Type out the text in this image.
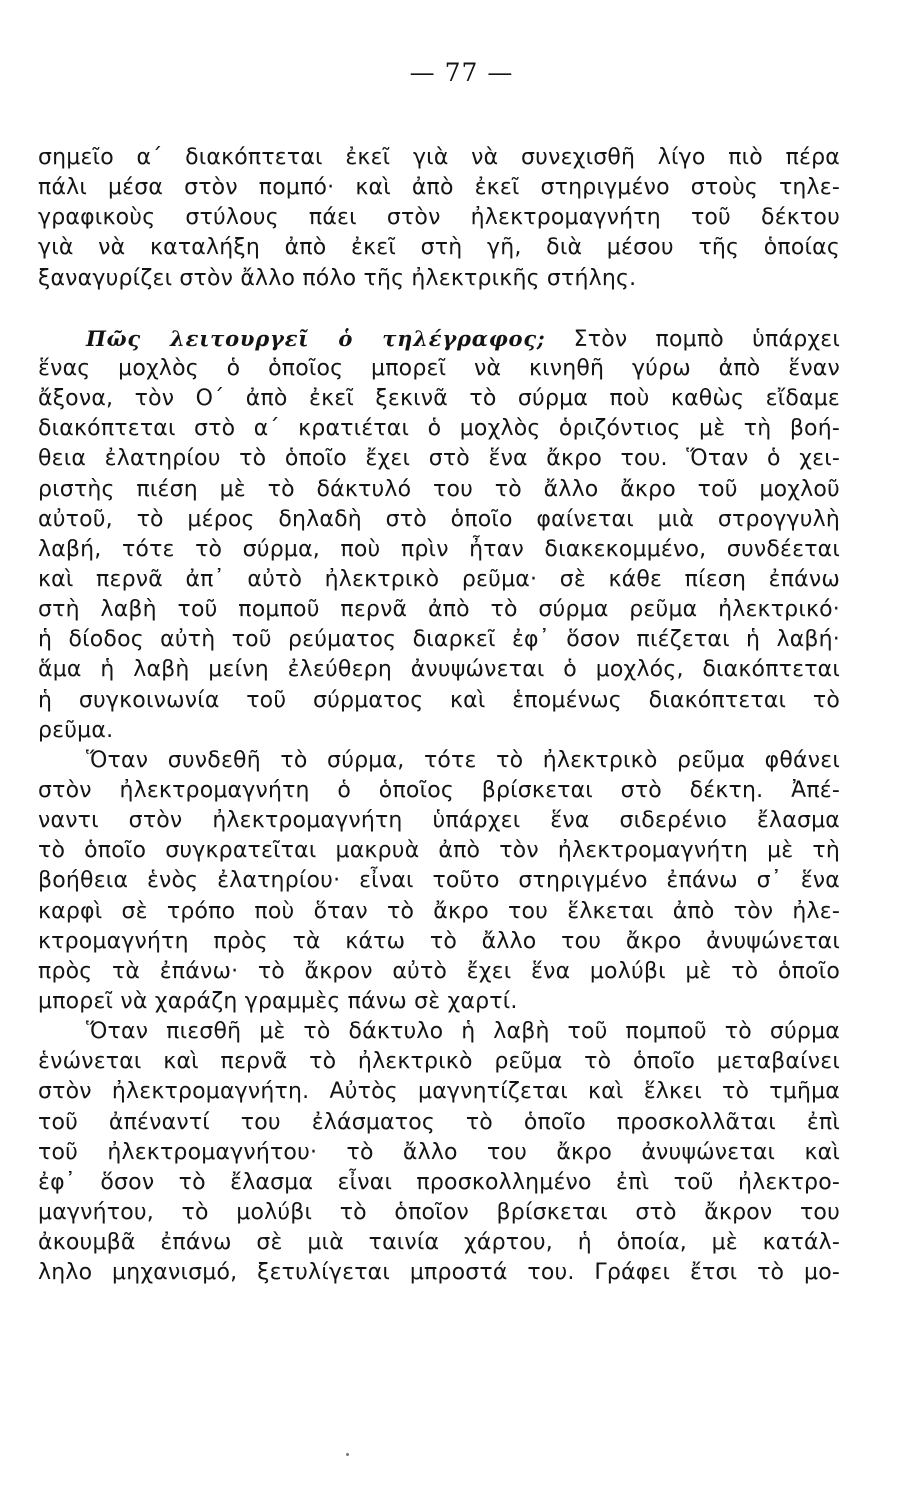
— 77 —
σημεῖο α΄ διακόπτεται ἐκεῖ γιὰ νὰ συνεχισθῆ λίγο πιὸ πέρα
πάλι μέσα στὸν πομπό· καὶ ἀπὸ ἐκεῖ στηριγμένο στοὺς τηλε-
γραφικοὺς στύλους πάει στὸν ἠλεκτρομαγνήτη τοῦ δέκτου
γιὰ νὰ καταλήξη ἀπὸ ἐκεῖ στὴ γῆ, διὰ μέσου τῆς ὁποίας
ξαναγυρίζει στὸν ἄλλο πόλο τῆς ἠλεκτρικῆς στήλης.
Πῶς λειτουργεῖ ὁ τηλέγραφος; Στὸν πομπὸ ὑπάρχει
ἕνας μοχλὸς ὁ ὁποῖος μπορεῖ νὰ κινηθῆ γύρω ἀπὸ ἕναν
ἄξονα, τὸν Ο΄ ἀπὸ ἐκεῖ ξεκινᾶ τὸ σύρμα ποὺ καθὼς εἴδαμε
διακόπτεται στὸ α΄ κρατιέται ὁ μοχλὸς ὁριζόντιος μὲ τὴ βοή-
θεια ἐλατηρίου τὸ ὁποῖο ἔχει στὸ ἕνα ἄκρο του. Ὅταν ὁ χει-
ριστὴς πιέση μὲ τὸ δάκτυλό του τὸ ἄλλο ἄκρο τοῦ μοχλοῦ
αὐτοῦ, τὸ μέρος δηλαδὴ στὸ ὁποῖο φαίνεται μιὰ στρογγυλὴ
λαβή, τότε τὸ σύρμα, ποὺ πρὶν ἦταν διακεκομμένο, συνδέεται
καὶ περνᾶ ἀπ᾽ αὐτὸ ἠλεκτρικὸ ρεῦμα· σὲ κάθε πίεση ἐπάνω
στὴ λαβὴ τοῦ πομποῦ περνᾶ ἀπὸ τὸ σύρμα ρεῦμα ἠλεκτρικό·
ἡ δίοδος αὐτὴ τοῦ ρεύματος διαρκεῖ ἐφ᾽ ὅσον πιέζεται ἡ λαβή·
ἅμα ἡ λαβὴ μείνη ἐλεύθερη ἀνυψώνεται ὁ μοχλός, διακόπτεται
ἡ συγκοινωνία τοῦ σύρματος καὶ ἑπομένως διακόπτεται τὸ
ρεῦμα.
Ὅταν συνδεθῆ τὸ σύρμα, τότε τὸ ἠλεκτρικὸ ρεῦμα φθάνει
στὸν ἠλεκτρομαγνήτη ὁ ὁποῖος βρίσκεται στὸ δέκτη. Ἀπέ-
ναντι στὸν ἠλεκτρομαγνήτη ὑπάρχει ἕνα σιδερένιο ἔλασμα
τὸ ὁποῖο συγκρατεῖται μακρυὰ ἀπὸ τὸν ἠλεκτρομαγνήτη μὲ τὴ
βοήθεια ἑνὸς ἐλατηρίου· εἶναι τοῦτο στηριγμένο ἐπάνω σ᾽ ἕνα
καρφὶ σὲ τρόπο ποὺ ὅταν τὸ ἄκρο του ἕλκεται ἀπὸ τὸν ἠλε-
κτρομαγνήτη πρὸς τὰ κάτω τὸ ἄλλο του ἄκρο ἀνυψώνεται
πρὸς τὰ ἐπάνω· τὸ ἄκρον αὐτὸ ἔχει ἕνα μολύβι μὲ τὸ ὁποῖο
μπορεῖ νὰ χαράζη γραμμὲς πάνω σὲ χαρτί.
Ὅταν πιεσθῆ μὲ τὸ δάκτυλο ἡ λαβὴ τοῦ πομποῦ τὸ σύρμα
ἑνώνεται καὶ περνᾶ τὸ ἠλεκτρικὸ ρεῦμα τὸ ὁποῖο μεταβαίνει
στὸν ἠλεκτρομαγνήτη. Αὐτὸς μαγνητίζεται καὶ ἕλκει τὸ τμῆμα
τοῦ ἀπέναντί του ἐλάσματος τὸ ὁποῖο προσκολλᾶται ἐπὶ
τοῦ ἠλεκτρομαγνήτου· τὸ ἄλλο του ἄκρο ἀνυψώνεται καὶ
ἐφ᾽ ὅσον τὸ ἔλασμα εἶναι προσκολλημένο ἐπὶ τοῦ ἠλεκτρο-
μαγνήτου, τὸ μολύβι τὸ ὁποῖον βρίσκεται στὸ ἄκρον του
ἀκουμβᾶ ἐπάνω σὲ μιὰ ταινία χάρτου, ἡ ὁποία, μὲ κατάλ-
ληλο μηχανισμό, ξετυλίγεται μπροστά του. Γράφει ἔτσι τὸ μο-
